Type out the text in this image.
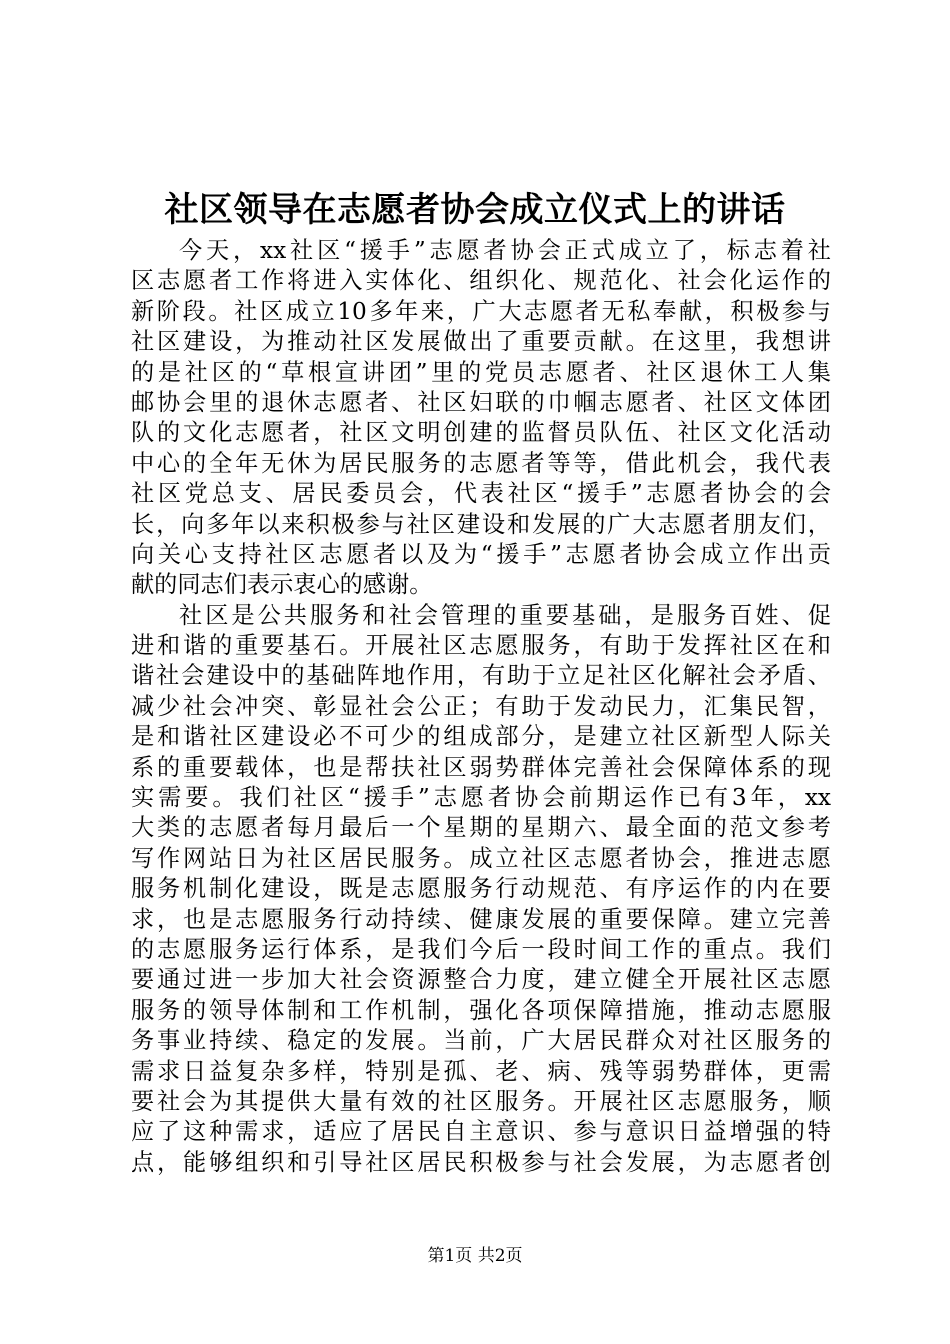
社区领导在志愿者协会成立仪式上的讲话
今天，xx社区“援手”志愿者协会正式成立了，标志着社
区志愿者工作将进入实体化、组织化、规范化、社会化运作的
新阶段。社区成立10多年来，广大志愿者无私奉献，积极参与
社区建设，为推动社区发展做出了重要贡献。在这里，我想讲
的是社区的“草根宣讲团”里的党员志愿者、社区退休工人集
邮协会里的退休志愿者、社区妇联的巾帼志愿者、社区文体团
队的文化志愿者，社区文明创建的监督员队伍、社区文化活动
中心的全年无休为居民服务的志愿者等等，借此机会，我代表
社区党总支、居民委员会，代表社区“援手”志愿者协会的会
长，向多年以来积极参与社区建设和发展的广大志愿者朋友们，
向关心支持社区志愿者以及为“援手”志愿者协会成立作出贡
献的同志们表示衷心的感谢。
社区是公共服务和社会管理的重要基础，是服务百姓、促
进和谐的重要基石。开展社区志愿服务，有助于发挥社区在和
谐社会建设中的基础阵地作用，有助于立足社区化解社会矛盾、
减少社会冲突、彰显社会公正；有助于发动民力，汇集民智，
是和谐社区建设必不可少的组成部分，是建立社区新型人际关
系的重要载体，也是帮扶社区弱势群体完善社会保障体系的现
实需要。我们社区“援手”志愿者协会前期运作已有3年，xx
大类的志愿者每月最后一个星期的星期六、最全面的范文参考
写作网站日为社区居民服务。成立社区志愿者协会，推进志愿
服务机制化建设，既是志愿服务行动规范、有序运作的内在要
求，也是志愿服务行动持续、健康发展的重要保障。建立完善
的志愿服务运行体系，是我们今后一段时间工作的重点。我们
要通过进一步加大社会资源整合力度，建立健全开展社区志愿
服务的领导体制和工作机制，强化各项保障措施，推动志愿服
务事业持续、稳定的发展。当前，广大居民群众对社区服务的
需求日益复杂多样，特别是孤、老、病、残等弱势群体，更需
要社会为其提供大量有效的社区服务。开展社区志愿服务，顺
应了这种需求，适应了居民自主意识、参与意识日益增强的特
点，能够组织和引导社区居民积极参与社会发展，为志愿者创
第1页 共2页
